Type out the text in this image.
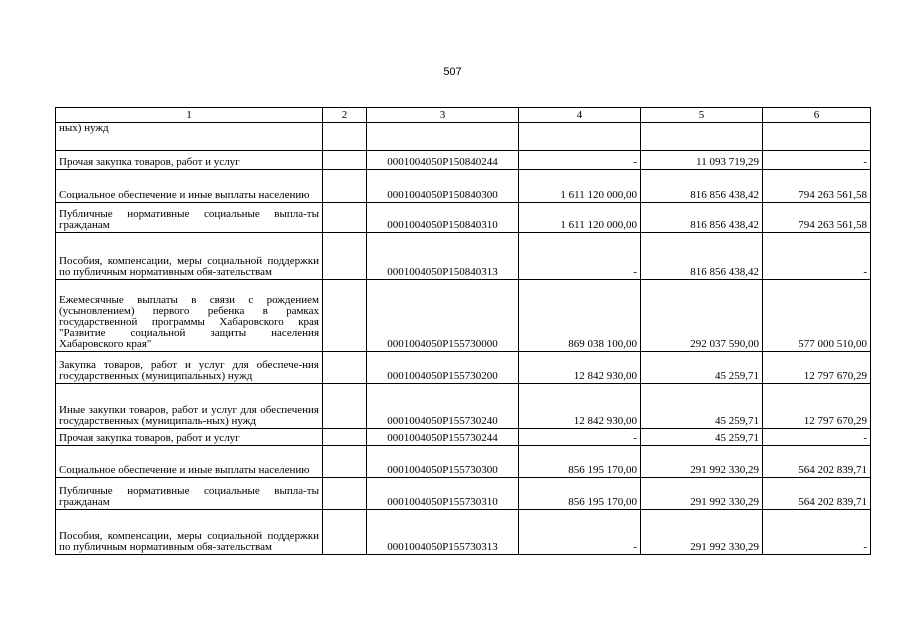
507
1	2	3	4	5	6
ных) нужд					
Прочая закупка товаров, работ и услуг		0001004050P150840244	-	11 093 719,29	-
Социальное обеспечение и иные выплаты населению		0001004050P150840300	1 611 120 000,00	816 856 438,42	794 263 561,58
Публичные нормативные социальные выпла-ты гражданам		0001004050P150840310	1 611 120 000,00	816 856 438,42	794 263 561,58
Пособия, компенсации, меры социальной поддержки по публичным нормативным обя-зательствам		0001004050P150840313	-	816 856 438,42	-
Ежемесячные выплаты в связи с рождением (усыновлением) первого ребенка в рамках государственной программы Хабаровского края "Развитие социальной защиты населения Хабаровского края"		0001004050P155730000	869 038 100,00	292 037 590,00	577 000 510,00
Закупка товаров, работ и услуг для обеспече-ния государственных (муниципальных) нужд		0001004050P155730200	12 842 930,00	45 259,71	12 797 670,29
Иные закупки товаров, работ и услуг для обеспечения государственных (муниципаль-ных) нужд		0001004050P155730240	12 842 930,00	45 259,71	12 797 670,29
Прочая закупка товаров, работ и услуг		0001004050P155730244	-	45 259,71	-
Социальное обеспечение и иные выплаты населению		0001004050P155730300	856 195 170,00	291 992 330,29	564 202 839,71
Публичные нормативные социальные выпла-ты гражданам		0001004050P155730310	856 195 170,00	291 992 330,29	564 202 839,71
Пособия, компенсации, меры социальной поддержки по публичным нормативным обя-зательствам		0001004050P155730313	-	291 992 330,29	-
